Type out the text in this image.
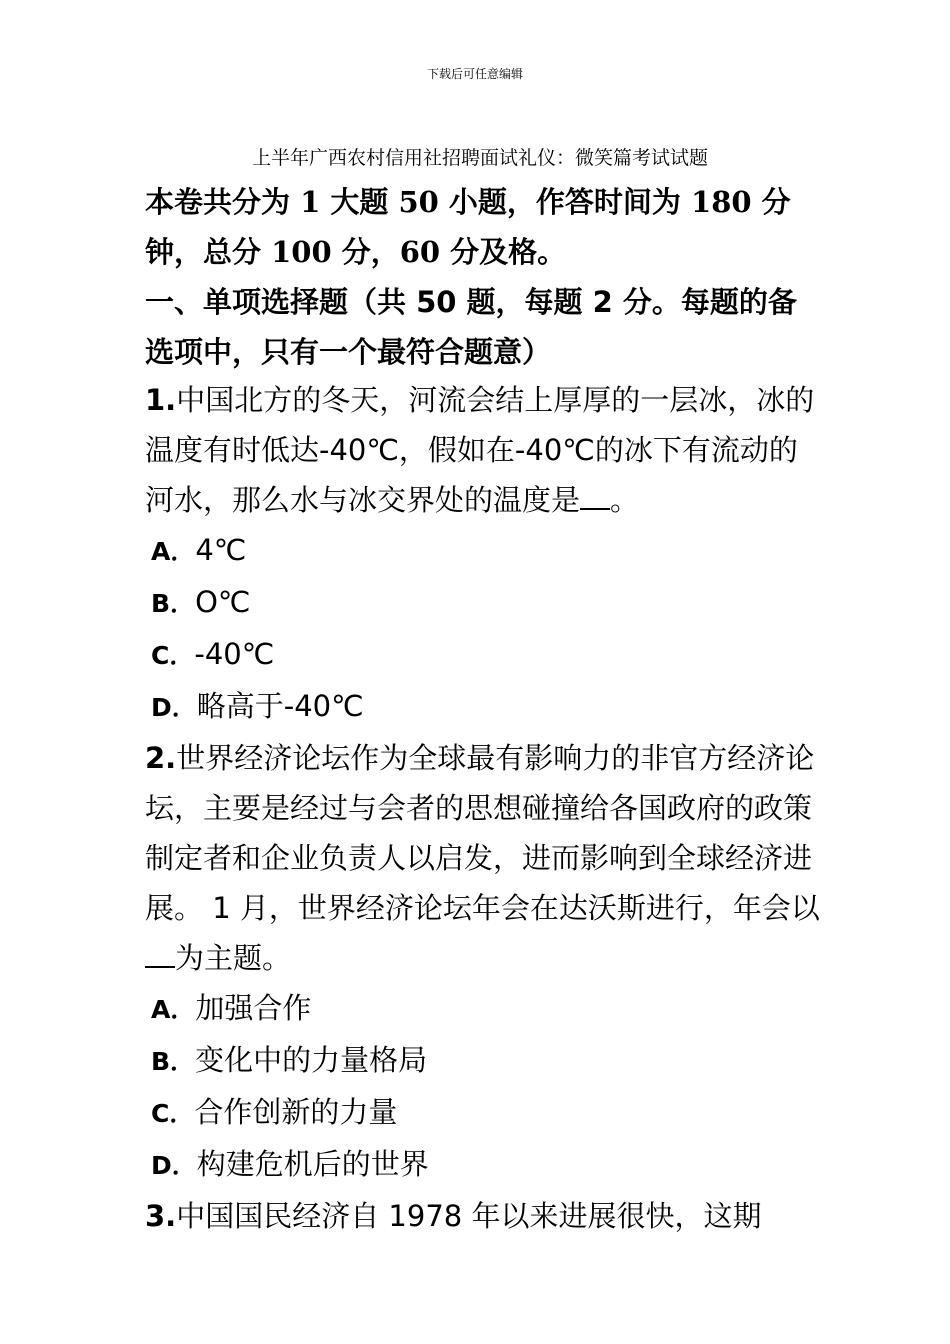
下载后可任意编辑
上半年广西农村信用社招聘面试礼仪：微笑篇考试试题
本卷共分为 1 大题 50 小题，作答时间为 180 分钟，总分 100 分，60 分及格。
一、单项选择题（共 50 题，每题 2 分。每题的备选项中，只有一个最符合题意）

1.中国北方的冬天，河流会结上厚厚的一层冰，冰的温度有时低达-40℃，假如在-40℃的冰下有流动的河水，那么水与冰交界处的温度是 。

A．4℃
B．O℃
C．-40℃
D．略高于-40℃

2.世界经济论坛作为全球最有影响力的非官方经济论坛，主要是经过与会者的思想碰撞给各国政府的政策制定者和企业负责人以启发，进而影响到全球经济进展。 1 月，世界经济论坛年会在达沃斯进行，年会以为主题。

A．加强合作
B．变化中的力量格局
C．合作创新的力量
D．构建危机后的世界

3.中国国民经济自 1978 年以来进展很快，这期
